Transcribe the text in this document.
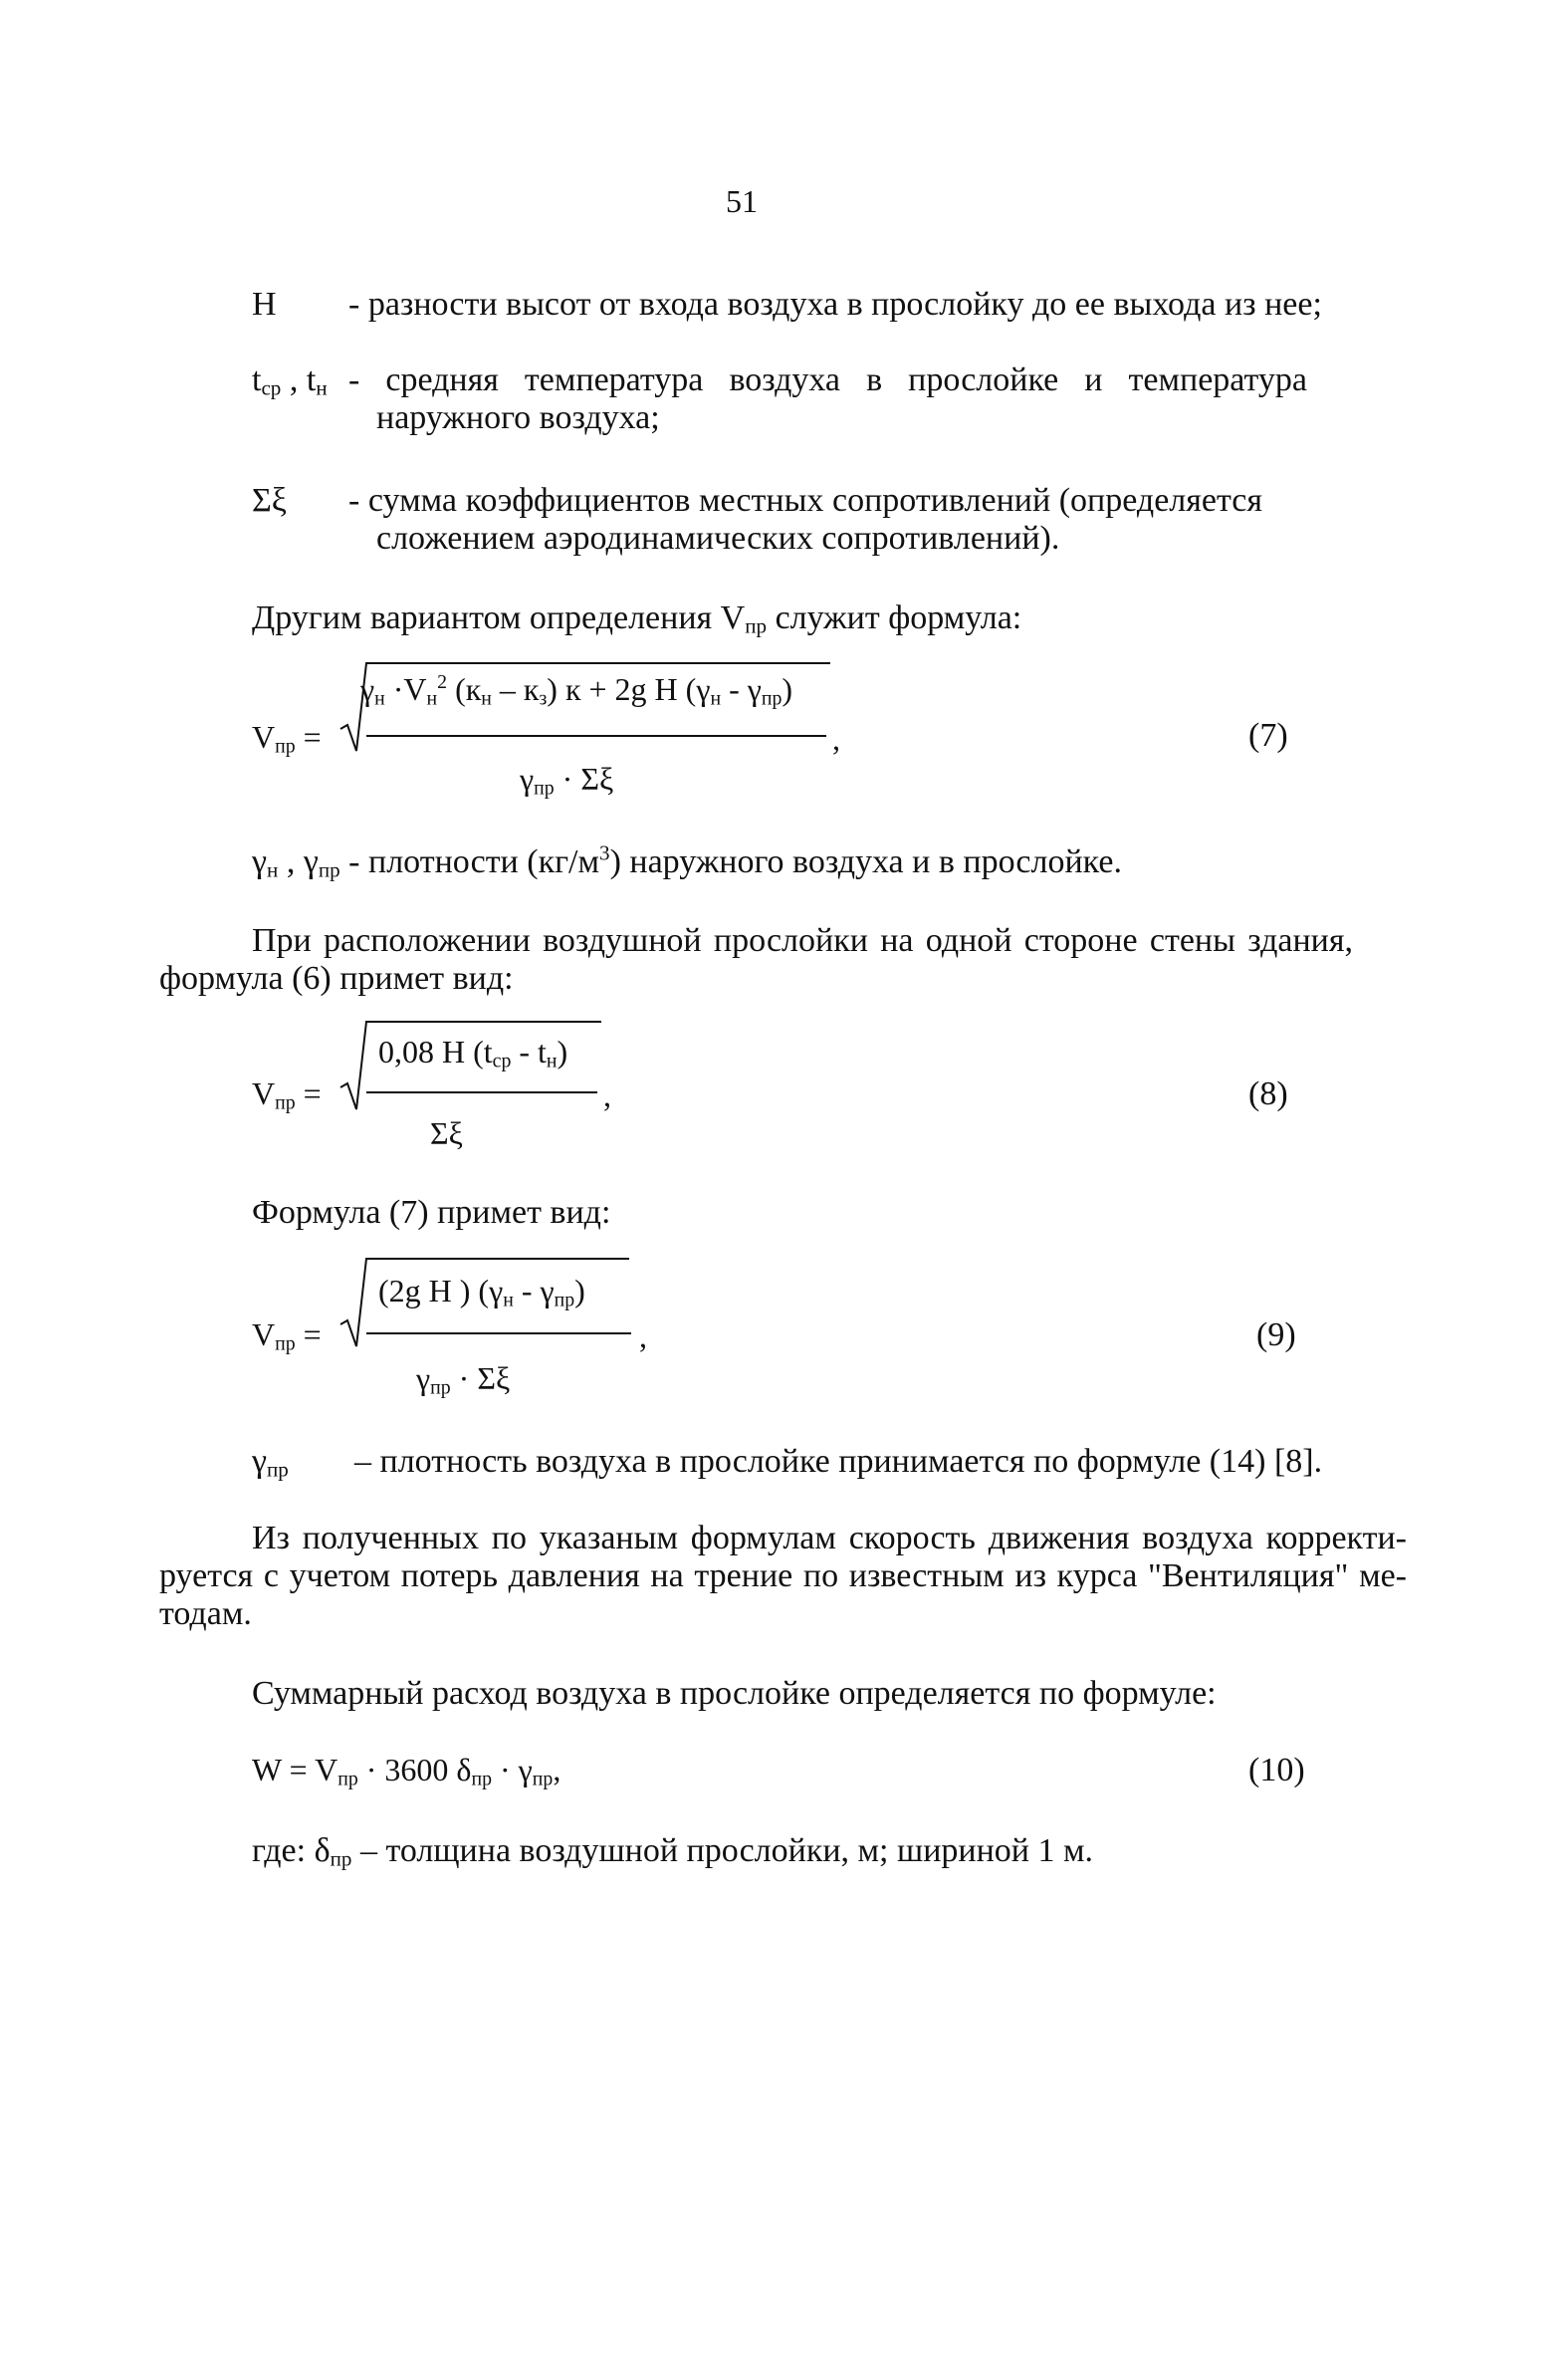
51
H - разности высот от входа воздуха в прослойку до ее выхода из нее;
$t_{ср}$ , $t_н$ - средняя температура воздуха в прослойке и температура
наружного воздуха;
Σξ - сумма коэффициентов местных сопротивлений (определяется
сложением аэродинамических сопротивлений).
Другим вариантом определения $V_{пр}$ служит формула:
$V_{пр}$ =
$\gamma_н \cdot V_н^2$ $(к_н - к_з) к + 2g$ H $(\gamma_н - \gamma_{пр})$
,
$\gamma_{пр} \cdot \Sigma\xi$
(7)
$\gamma_н$ , $\gamma_{пр}$ - плотности $(кг/м^3)$ наружного воздуха и в прослойке.
При расположении воздушной прослойки на одной стороне стены здания,
формула (6) примет вид:
$V_{пр}$ =
0,08 H $(t_{ср} - t_н)$
,
Σξ
(8)
Формула (7) примет вид:
$V_{пр}$ =
(2g H ) $(\gamma_н - \gamma_{пр})$
,
$\gamma_{пр} \cdot \Sigma\xi$
(9)
$\gamma_{пр}$ – плотность воздуха в прослойке принимается по формуле (14) [8].
Из полученных по указаным формулам скорость движения воздуха корректи-
руется с учетом потерь давления на трение по известным из курса "Вентиляция" ме-
тодам.
Суммарный расход воздуха в прослойке определяется по формуле:
$W = V_{пр} \cdot 3600$ $\delta_{пр} \cdot \gamma_{пр}$,	(10)
где: $\delta_{пр}$ – толщина воздушной прослойки, м; шириной 1 м.
